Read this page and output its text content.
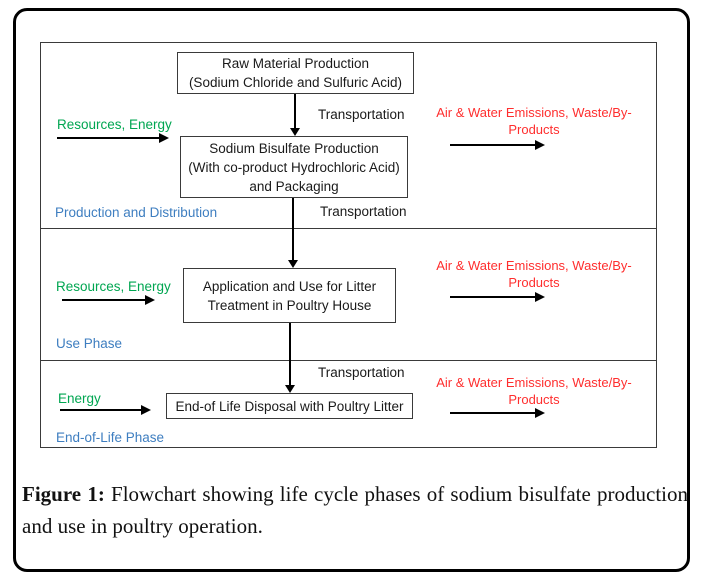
Raw Material Production
(Sodium Chloride and Sulfuric Acid)
Transportation
Resources, Energy
Air & Water Emissions, Waste/By-
Products
Sodium Bisulfate Production
(With co-product Hydrochloric Acid)
and Packaging
Transportation
Production and Distribution
Resources, Energy Application and Use for Litter
Treatment in Poultry House
Air & Water Emissions, Waste/By-
Products
Use Phase
Transportation
Energy	End-of Life Disposal with Poultry Litter
Air & Water Emissions, Waste/By-
Products
End-of-Life Phase
Figure 1: Flowchart showing life cycle phases of sodium bisulfate production and use in poultry operation.
